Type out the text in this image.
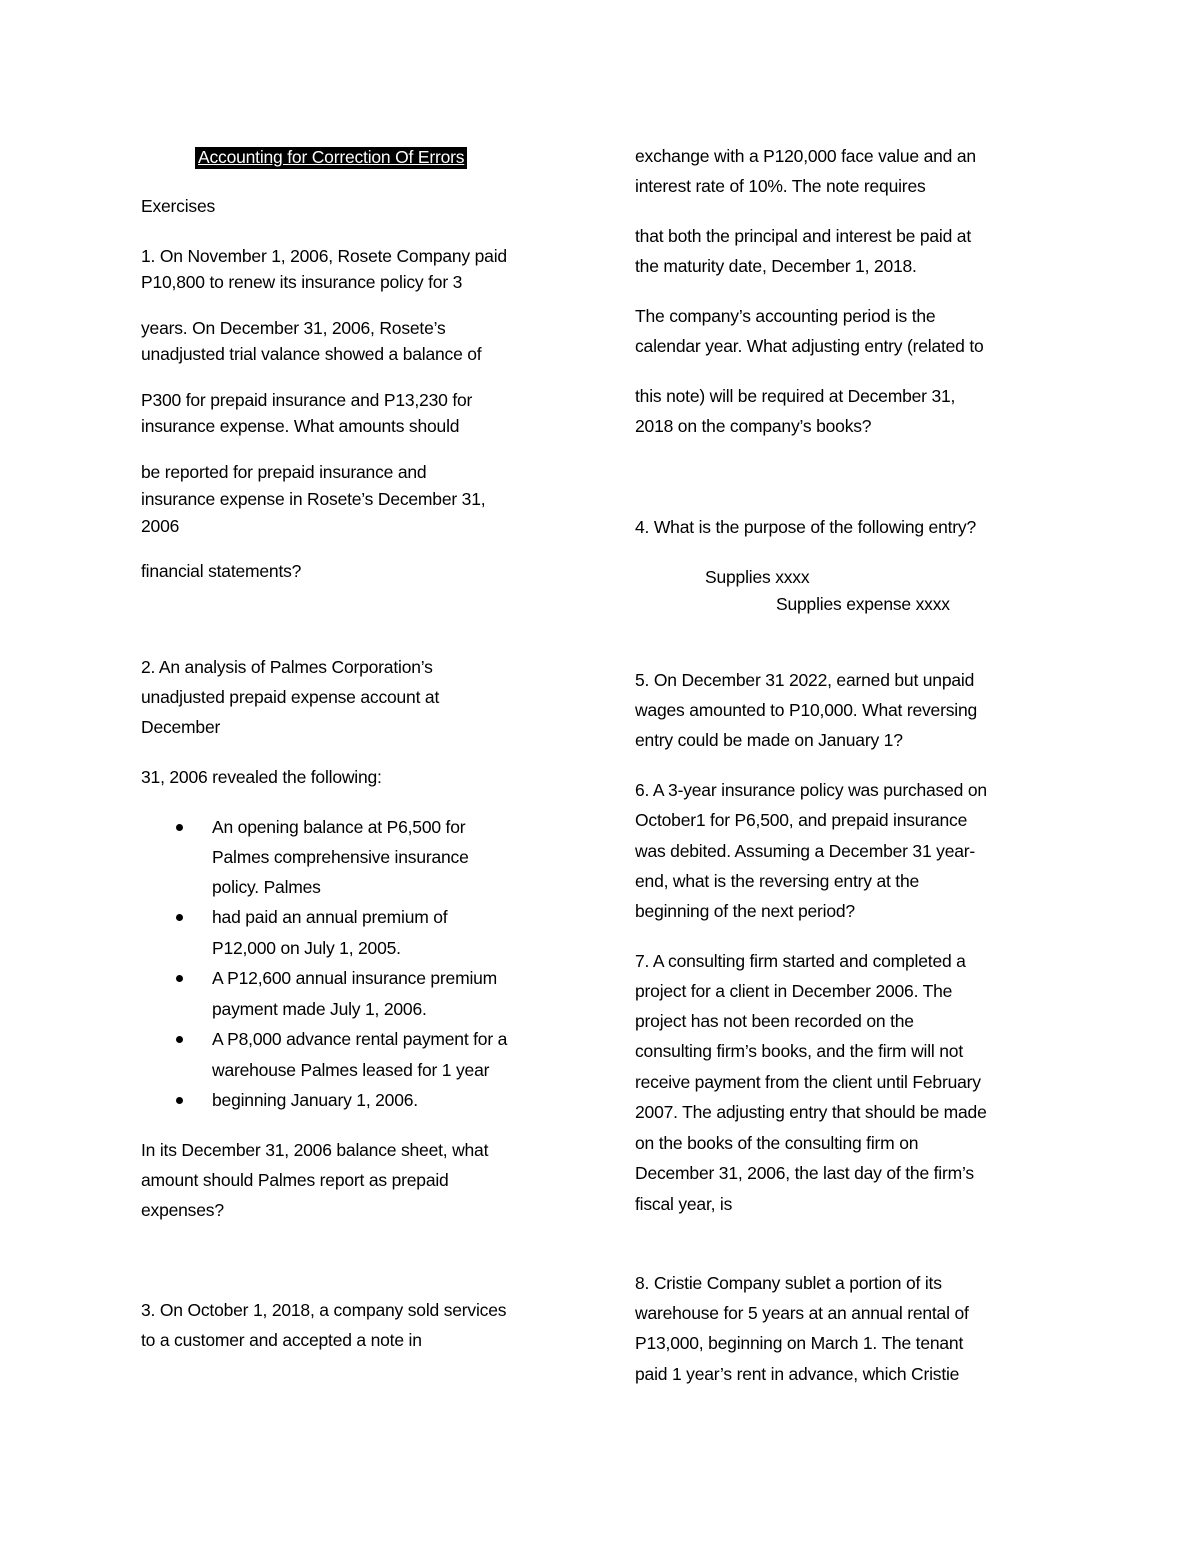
Accounting for Correction Of Errors
Exercises
1. On November 1, 2006, Rosete Company paid
P10,800 to renew its insurance policy for 3
years. On December 31, 2006, Rosete’s
unadjusted trial valance showed a balance of
P300 for prepaid insurance and P13,230 for
insurance expense. What amounts should
be reported for prepaid insurance and
insurance expense in Rosete’s December 31,
2006
financial statements?
2. An analysis of Palmes Corporation’s
unadjusted prepaid expense account at
December
31, 2006 revealed the following:
An opening balance at P6,500 for
Palmes comprehensive insurance
policy. Palmes
had paid an annual premium of
P12,000 on July 1, 2005.
A P12,600 annual insurance premium
payment made July 1, 2006.
A P8,000 advance rental payment for a
warehouse Palmes leased for 1 year
beginning January 1, 2006.
In its December 31, 2006 balance sheet, what
amount should Palmes report as prepaid
expenses?
3. On October 1, 2018, a company sold services
to a customer and accepted a note in
exchange with a P120,000 face value and an
interest rate of 10%. The note requires
that both the principal and interest be paid at
the maturity date, December 1, 2018.
The company’s accounting period is the
calendar year. What adjusting entry (related to
this note) will be required at December 31,
2018 on the company’s books?
4. What is the purpose of the following entry?
Supplies xxxx
Supplies expense xxxx
5. On December 31 2022, earned but unpaid
wages amounted to P10,000. What reversing
entry could be made on January 1?
6. A 3-year insurance policy was purchased on
October1 for P6,500, and prepaid insurance
was debited. Assuming a December 31 year-
end, what is the reversing entry at the
beginning of the next period?
7. A consulting firm started and completed a
project for a client in December 2006. The
project has not been recorded on the
consulting firm’s books, and the firm will not
receive payment from the client until February
2007. The adjusting entry that should be made
on the books of the consulting firm on
December 31, 2006, the last day of the firm’s
fiscal year, is
8. Cristie Company sublet a portion of its
warehouse for 5 years at an annual rental of
P13,000, beginning on March 1. The tenant
paid 1 year’s rent in advance, which Cristie
